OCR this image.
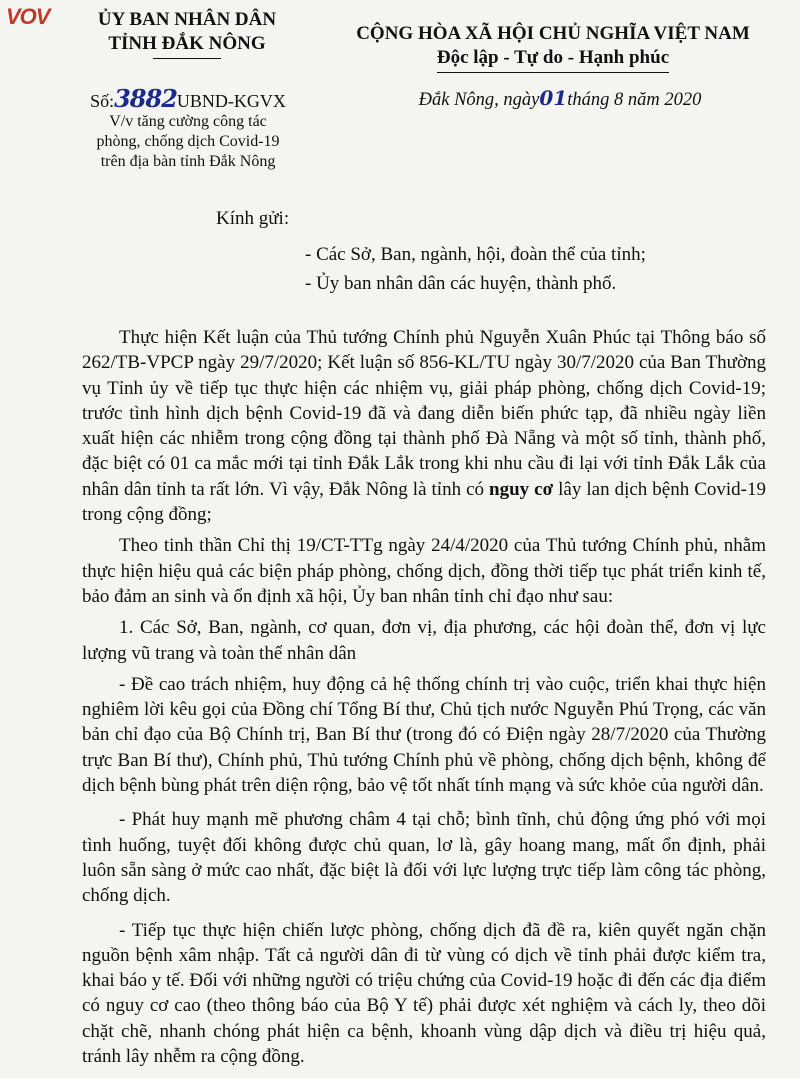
VOV	ỦY BAN NHÂN DÂN
TỈNH ĐẮK NÔNG	CỘNG HÒA XÃ HỘI CHỦ NGHĨA VIỆT NAM
Độc lập - Tự do - Hạnh phúc
Số:3882UBND-KGVX
V/v tăng cường công tác
phòng, chống dịch Covid-19
trên địa bàn tỉnh Đắk Nông
Đắk Nông, ngày01tháng 8 năm 2020
Kính gửi:
- Các Sở, Ban, ngành, hội, đoàn thể của tỉnh;
- Ủy ban nhân dân các huyện, thành phố.

Thực hiện Kết luận của Thủ tướng Chính phủ Nguyễn Xuân Phúc tại Thông báo số 262/TB-VPCP ngày 29/7/2020; Kết luận số 856-KL/TU ngày 30/7/2020 của Ban Thường vụ Tỉnh ủy về tiếp tục thực hiện các nhiệm vụ, giải pháp phòng, chống dịch Covid-19; trước tình hình dịch bệnh Covid-19 đã và đang diễn biến phức tạp, đã nhiều ngày liền xuất hiện các nhiễm trong cộng đồng tại thành phố Đà Nẵng và một số tỉnh, thành phố, đặc biệt có 01 ca mắc mới tại tỉnh Đắk Lắk trong khi nhu cầu đi lại với tỉnh Đắk Lắk của nhân dân tỉnh ta rất lớn. Vì vậy, Đắk Nông là tỉnh có nguy cơ lây lan dịch bệnh Covid-19 trong cộng đồng;

Theo tinh thần Chỉ thị 19/CT-TTg ngày 24/4/2020 của Thủ tướng Chính phủ, nhằm thực hiện hiệu quả các biện pháp phòng, chống dịch, đồng thời tiếp tục phát triển kinh tế, bảo đảm an sinh và ổn định xã hội, Ủy ban nhân tỉnh chỉ đạo như sau:

1. Các Sở, Ban, ngành, cơ quan, đơn vị, địa phương, các hội đoàn thể, đơn vị lực lượng vũ trang và toàn thể nhân dân

- Đề cao trách nhiệm, huy động cả hệ thống chính trị vào cuộc, triển khai thực hiện nghiêm lời kêu gọi của Đồng chí Tổng Bí thư, Chủ tịch nước Nguyễn Phú Trọng, các văn bản chỉ đạo của Bộ Chính trị, Ban Bí thư (trong đó có Điện ngày 28/7/2020 của Thường trực Ban Bí thư), Chính phủ, Thủ tướng Chính phủ về phòng, chống dịch bệnh, không để dịch bệnh bùng phát trên diện rộng, bảo vệ tốt nhất tính mạng và sức khỏe của người dân.

- Phát huy mạnh mẽ phương châm 4 tại chỗ; bình tĩnh, chủ động ứng phó với mọi tình huống, tuyệt đối không được chủ quan, lơ là, gây hoang mang, mất ổn định, phải luôn sẵn sàng ở mức cao nhất, đặc biệt là đối với lực lượng trực tiếp làm công tác phòng, chống dịch.

- Tiếp tục thực hiện chiến lược phòng, chống dịch đã đề ra, kiên quyết ngăn chặn nguồn bệnh xâm nhập. Tất cả người dân đi từ vùng có dịch về tỉnh phải được kiểm tra, khai báo y tế. Đối với những người có triệu chứng của Covid-19 hoặc đi đến các địa điểm có nguy cơ cao (theo thông báo của Bộ Y tế) phải được xét nghiệm và cách ly, theo dõi chặt chẽ, nhanh chóng phát hiện ca bệnh, khoanh vùng dập dịch và điều trị hiệu quả, tránh lây nhễm ra cộng đồng.
